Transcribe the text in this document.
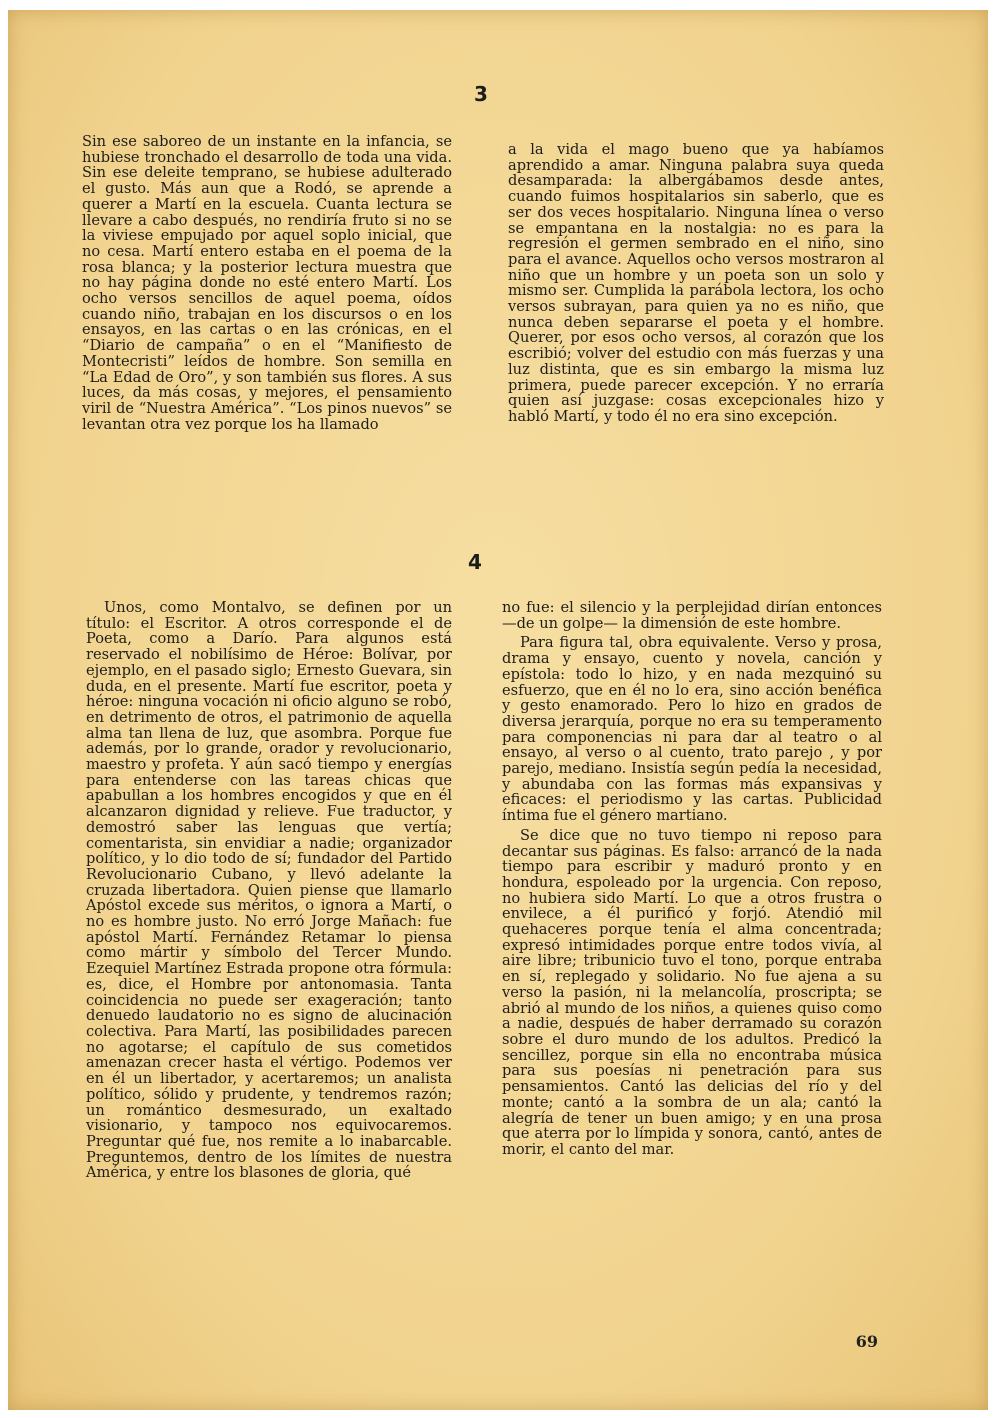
3

Sin ese saboreo de un instante en la infancia, se hubiese tronchado el desarrollo de toda una vida. Sin ese deleite temprano, se hubiese adulterado el gusto. Más aun que a Rodó, se aprende a querer a Martí en la escuela. Cuanta lectura se llevare a cabo después, no rendiría fruto si no se la viviese empujado por aquel soplo inicial, que no cesa. Martí entero estaba en el poema de la rosa blanca; y la posterior lectura muestra que no hay página donde no esté entero Martí. Los ocho versos sencillos de aquel poema, oídos cuando niño, trabajan en los discursos o en los ensayos, en las cartas o en las crónicas, en el “Diario de campaña” o en el “Manifiesto de Montecristi” leídos de hombre. Son semilla en “La Edad de Oro”, y son también sus flores. A sus luces, da más cosas, y mejores, el pensamiento viril de “Nuestra América”. “Los pinos nuevos” se levantan otra vez porque los ha llamado

a la vida el mago bueno que ya habíamos aprendido a amar. Ninguna palabra suya queda desamparada: la albergábamos desde antes, cuando fuimos hospitalarios sin saberlo, que es ser dos veces hospitalario. Ninguna línea o verso se empantana en la nostalgia: no es para la regresión el germen sembrado en el niño, sino para el avance. Aquellos ocho versos mostraron al niño que un hombre y un poeta son un solo y mismo ser. Cumplida la parábola lectora, los ocho versos subrayan, para quien ya no es niño, que nunca deben separarse el poeta y el hombre. Querer, por esos ocho versos, al corazón que los escribió; volver del estudio con más fuerzas y una luz distinta, que es sin embargo la misma luz primera, puede parecer excepción. Y no erraría quien así juzgase: cosas excepcionales hizo y habló Martí, y todo él no era sino excepción.

4

Unos, como Montalvo, se definen por un título: el Escritor. A otros corresponde el de Poeta, como a Darío. Para algunos está reservado el nobilísimo de Héroe: Bolívar, por ejemplo, en el pasado siglo; Ernesto Guevara, sin duda, en el presente. Martí fue escritor, poeta y héroe: ninguna vocación ni oficio alguno se robó, en detrimento de otros, el patrimonio de aquella alma tan llena de luz, que asombra. Porque fue además, por lo grande, orador y revolucionario, maestro y profeta. Y aún sacó tiempo y energías para entenderse con las tareas chicas que apabullan a los hombres encogidos y que en él alcanzaron dignidad y relieve. Fue traductor, y demostró saber las lenguas que vertía; comentarista, sin envidiar a nadie; organizador político, y lo dio todo de sí; fundador del Partido Revolucionario Cubano, y llevó adelante la cruzada libertadora. Quien piense que llamarlo Apóstol excede sus méritos, o ignora a Martí, o no es hombre justo. No erró Jorge Mañach: fue apóstol Martí. Fernández Retamar lo piensa como mártir y símbolo del Tercer Mundo. Ezequiel Martínez Estrada propone otra fórmula: es, dice, el Hombre por antonomasia. Tanta coincidencia no puede ser exageración; tanto denuedo laudatorio no es signo de alucinación colectiva. Para Martí, las posibilidades parecen no agotarse; el capítulo de sus cometidos amenazan crecer hasta el vértigo. Podemos ver en él un libertador, y acertaremos; un analista político, sólido y prudente, y tendremos razón; un romántico desmesurado, un exaltado visionario, y tampoco nos equivocaremos. Preguntar qué fue, nos remite a lo inabarcable. Preguntemos, dentro de los límites de nuestra América, y entre los blasones de gloria, qué

no fue: el silencio y la perplejidad dirían entonces —de un golpe— la dimensión de este hombre.

Para figura tal, obra equivalente. Verso y prosa, drama y ensayo, cuento y novela, canción y epístola: todo lo hizo, y en nada mezquinó su esfuerzo, que en él no lo era, sino acción benéfica y gesto enamorado. Pero lo hizo en grados de diversa jerarquía, porque no era su temperamento para componencias ni para dar al teatro o al ensayo, al verso o al cuento, trato parejo , y por parejo, mediano. Insistía según pedía la necesidad, y abundaba con las formas más expansivas y eficaces: el periodismo y las cartas. Publicidad íntima fue el género martiano.

Se dice que no tuvo tiempo ni reposo para decantar sus páginas. Es falso: arrancó de la nada tiempo para escribir y maduró pronto y en hondura, espoleado por la urgencia. Con reposo, no hubiera sido Martí. Lo que a otros frustra o envilece, a él purificó y forjó. Atendió mil quehaceres porque tenía el alma concentrada; expresó intimidades porque entre todos vivía, al aire libre; tribunicio tuvo el tono, porque entraba en sí, replegado y solidario. No fue ajena a su verso la pasión, ni la melancolía, proscripta; se abrió al mundo de los niños, a quienes quiso como a nadie, después de haber derramado su corazón sobre el duro mundo de los adultos. Predicó la sencillez, porque sin ella no encontraba música para sus poesías ni penetración para sus pensamientos. Cantó las delicias del río y del monte; cantó a la sombra de un ala; cantó la alegría de tener un buen amigo; y en una prosa que aterra por lo límpida y sonora, cantó, antes de morir, el canto del mar.

69
